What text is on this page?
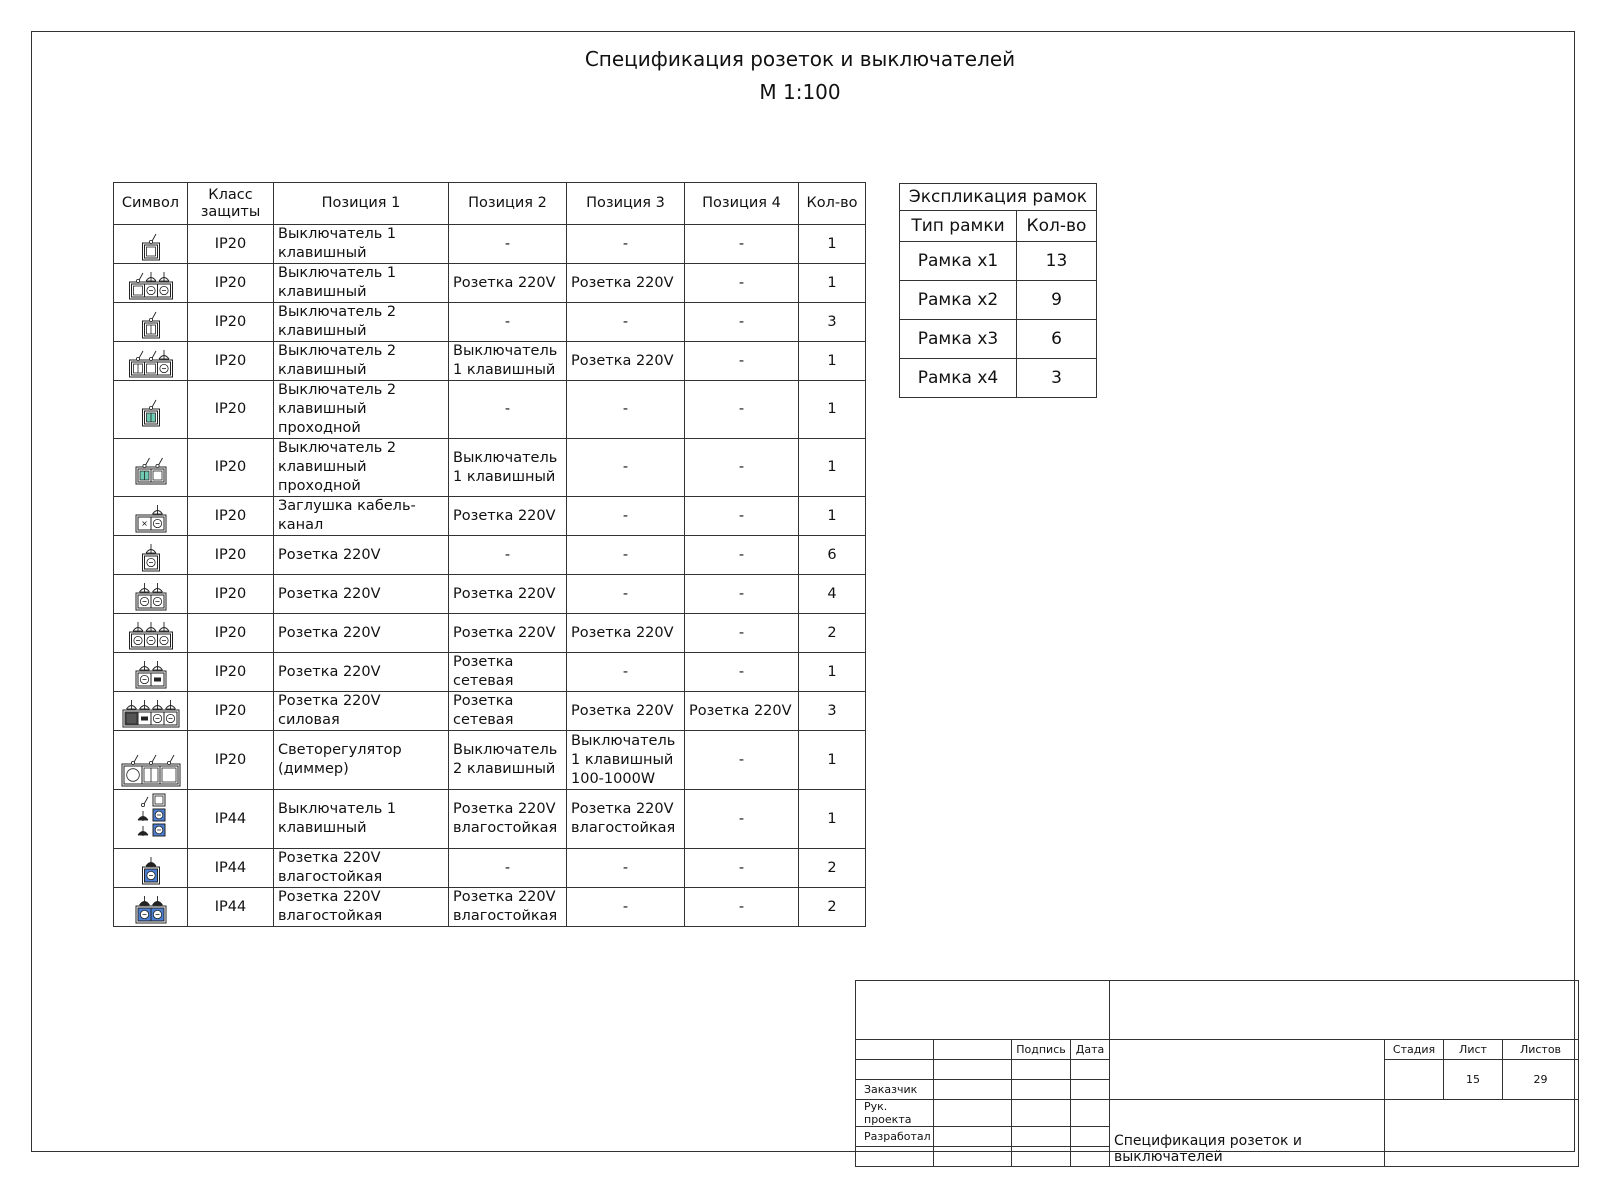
Спецификация розеток и выключателей
М 1:100
Символ	Класс защиты	Позиция 1	Позиция 2	Позиция 3	Позиция 4	Кол-во

	IP20	Выключатель 1 клавишный	-	-	-	1

	IP20	Выключатель 1 клавишный	Розетка 220V	Розетка 220V	-	1

	IP20	Выключатель 2 клавишный	-	-	-	3

	IP20	Выключатель 2 клавишный	Выключатель 1 клавишный	Розетка 220V	-	1

	IP20	Выключатель 2 клавишный проходной	-	-	-	1

	IP20	Выключатель 2 клавишный проходной	Выключатель 1 клавишный	-	-	1

	IP20	Заглушка кабель-канал	Розетка 220V	-	-	1

	IP20	Розетка 220V	-	-	-	6

	IP20	Розетка 220V	Розетка 220V	-	-	4

	IP20	Розетка 220V	Розетка 220V	Розетка 220V	-	2

	IP20	Розетка 220V	Розетка сетевая	-	-	1

	IP20	Розетка 220V силовая	Розетка сетевая	Розетка 220V	Розетка 220V	3

	IP20	Светорегулятор (диммер)	Выключатель 2 клавишный	Выключатель 1 клавишный 100-1000W	-	1

	IP44	Выключатель 1 клавишный	Розетка 220V влагостойкая	Розетка 220V влагостойкая	-	1

	IP44	Розетка 220V влагостойкая	-	-	-	2

	IP44	Розетка 220V влагостойкая	Розетка 220V влагостойкая	-	-	2
Экспликация рамок	
Тип рамки	Кол-во
Рамка х1	13
Рамка х2	9
Рамка х3	6
Рамка х4	3

		Подпись	Дата		Стадия	Лист	Листов
						15	29
Заказчик							
Рук. проекта				Спецификация розеток и выключателей			
Разработал							
